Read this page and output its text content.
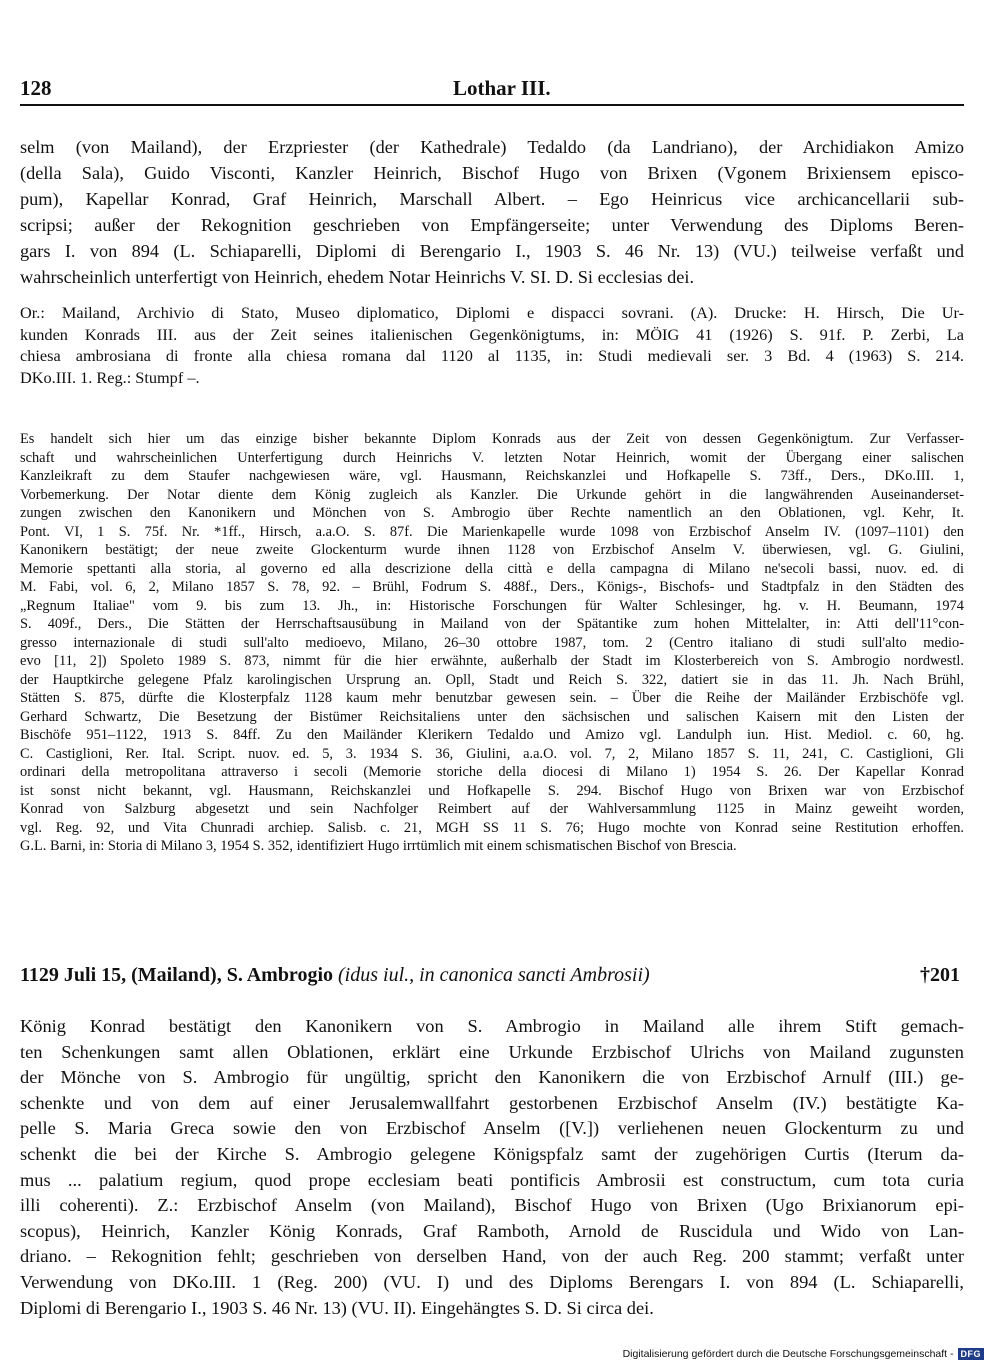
128	Lothar III.
selm (von Mailand), der Erzpriester (der Kathedrale) Tedaldo (da Landriano), der Archidiakon Amizo
(della Sala), Guido Visconti, Kanzler Heinrich, Bischof Hugo von Brixen (Vgonem Brixiensem episco-
pum), Kapellar Konrad, Graf Heinrich, Marschall Albert. – Ego Heinricus vice archicancellarii sub-
scripsi; außer der Rekognition geschrieben von Empfängerseite; unter Verwendung des Diploms Beren-
gars I. von 894 (L. Schiaparelli, Diplomi di Berengario I., 1903 S. 46 Nr. 13) (VU.) teilweise verfaßt und
wahrscheinlich unterfertigt von Heinrich, ehedem Notar Heinrichs V. SI. D. Si ecclesias dei.
Or.: Mailand, Archivio di Stato, Museo diplomatico, Diplomi e dispacci sovrani. (A). Drucke: H. Hirsch, Die Ur-
kunden Konrads III. aus der Zeit seines italienischen Gegenkönigtums, in: MÖIG 41 (1926) S. 91f. P. Zerbi, La
chiesa ambrosiana di fronte alla chiesa romana dal 1120 al 1135, in: Studi medievali ser. 3 Bd. 4 (1963) S. 214.
DKo.III. 1. Reg.: Stumpf –.
Es handelt sich hier um das einzige bisher bekannte Diplom Konrads aus der Zeit von dessen Gegenkönigtum. Zur Verfasser-
schaft und wahrscheinlichen Unterfertigung durch Heinrichs V. letzten Notar Heinrich, womit der Übergang einer salischen
Kanzleikraft zu dem Staufer nachgewiesen wäre, vgl. Hausmann, Reichskanzlei und Hofkapelle S. 73ff., Ders., DKo.III. 1,
Vorbemerkung. Der Notar diente dem König zugleich als Kanzler. Die Urkunde gehört in die langwährenden Auseinanderset-
zungen zwischen den Kanonikern und Mönchen von S. Ambrogio über Rechte namentlich an den Oblationen, vgl. Kehr, It.
Pont. VI, 1 S. 75f. Nr. *1ff., Hirsch, a.a.O. S. 87f. Die Marienkapelle wurde 1098 von Erzbischof Anselm IV. (1097–1101) den
Kanonikern bestätigt; der neue zweite Glockenturm wurde ihnen 1128 von Erzbischof Anselm V. überwiesen, vgl. G. Giulini,
Memorie spettanti alla storia, al governo ed alla descrizione della città e della campagna di Milano ne'secoli bassi, nuov. ed. di
M. Fabi, vol. 6, 2, Milano 1857 S. 78, 92. – Brühl, Fodrum S. 488f., Ders., Königs-, Bischofs- und Stadtpfalz in den Städten des
„Regnum Italiae" vom 9. bis zum 13. Jh., in: Historische Forschungen für Walter Schlesinger, hg. v. H. Beumann, 1974
S. 409f., Ders., Die Stätten der Herrschaftsausübung in Mailand von der Spätantike zum hohen Mittelalter, in: Atti dell'11°con-
gresso internazionale di studi sull'alto medioevo, Milano, 26–30 ottobre 1987, tom. 2 (Centro italiano di studi sull'alto medio-
evo [11, 2]) Spoleto 1989 S. 873, nimmt für die hier erwähnte, außerhalb der Stadt im Klosterbereich von S. Ambrogio nordwestl.
der Hauptkirche gelegene Pfalz karolingischen Ursprung an. Opll, Stadt und Reich S. 322, datiert sie in das 11. Jh. Nach Brühl,
Stätten S. 875, dürfte die Klosterpfalz 1128 kaum mehr benutzbar gewesen sein. – Über die Reihe der Mailänder Erzbischöfe vgl.
Gerhard Schwartz, Die Besetzung der Bistümer Reichsitaliens unter den sächsischen und salischen Kaisern mit den Listen der
Bischöfe 951–1122, 1913 S. 84ff. Zu den Mailänder Klerikern Tedaldo und Amizo vgl. Landulph iun. Hist. Mediol. c. 60, hg.
C. Castiglioni, Rer. Ital. Script. nuov. ed. 5, 3. 1934 S. 36, Giulini, a.a.O. vol. 7, 2, Milano 1857 S. 11, 241, C. Castiglioni, Gli
ordinari della metropolitana attraverso i secoli (Memorie storiche della diocesi di Milano 1) 1954 S. 26. Der Kapellar Konrad
ist sonst nicht bekannt, vgl. Hausmann, Reichskanzlei und Hofkapelle S. 294. Bischof Hugo von Brixen war von Erzbischof
Konrad von Salzburg abgesetzt und sein Nachfolger Reimbert auf der Wahlversammlung 1125 in Mainz geweiht worden,
vgl. Reg. 92, und Vita Chunradi archiep. Salisb. c. 21, MGH SS 11 S. 76; Hugo mochte von Konrad seine Restitution erhoffen.
G.L. Barni, in: Storia di Milano 3, 1954 S. 352, identifiziert Hugo irrtümlich mit einem schismatischen Bischof von Brescia.
1129 Juli 15, (Mailand), S. Ambrogio (idus iul., in canonica sancti Ambrosii)	†201
König Konrad bestätigt den Kanonikern von S. Ambrogio in Mailand alle ihrem Stift gemach-
ten Schenkungen samt allen Oblationen, erklärt eine Urkunde Erzbischof Ulrichs von Mailand zugunsten
der Mönche von S. Ambrogio für ungültig, spricht den Kanonikern die von Erzbischof Arnulf (III.) ge-
schenkte und von dem auf einer Jerusalemwallfahrt gestorbenen Erzbischof Anselm (IV.) bestätigte Ka-
pelle S. Maria Greca sowie den von Erzbischof Anselm ([V.]) verliehenen neuen Glockenturm zu und
schenkt die bei der Kirche S. Ambrogio gelegene Königspfalz samt der zugehörigen Curtis (Iterum da-
mus ... palatium regium, quod prope ecclesiam beati pontificis Ambrosii est constructum, cum tota curia
illi coherenti). Z.: Erzbischof Anselm (von Mailand), Bischof Hugo von Brixen (Ugo Brixianorum epi-
scopus), Heinrich, Kanzler König Konrads, Graf Ramboth, Arnold de Ruscidula und Wido von Lan-
driano. – Rekognition fehlt; geschrieben von derselben Hand, von der auch Reg. 200 stammt; verfaßt unter
Verwendung von DKo.III. 1 (Reg. 200) (VU. I) und des Diploms Berengars I. von 894 (L. Schiaparelli,
Diplomi di Berengario I., 1903 S. 46 Nr. 13) (VU. II). Eingehängtes S. D. Si circa dei.
Digitalisierung gefördert durch die Deutsche Forschungsgemeinschaft - DFG
